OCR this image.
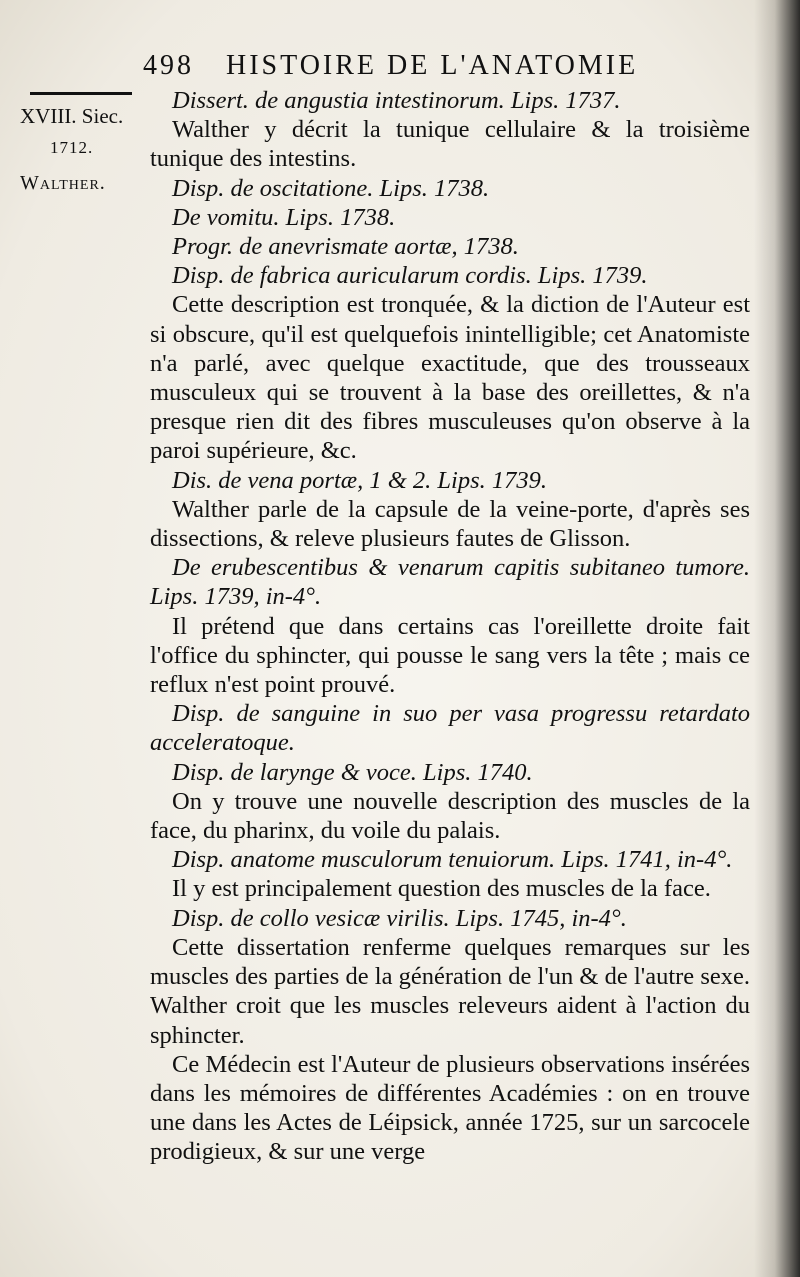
498 HISTOIRE DE L'ANATOMIE
XVIII. Siec.
1712.
Walther.

Dissert. de angustia intestinorum. Lips. 1737.

Walther y décrit la tunique cellulaire & la troisième tunique des intestins.

Disp. de oscitatione. Lips. 1738.

De vomitu. Lips. 1738.

Progr. de anevrismate aortæ, 1738.

Disp. de fabrica auricularum cordis. Lips. 1739.

Cette description est tronquée, & la diction de l'Auteur est si obscure, qu'il est quelquefois inintelligible; cet Anatomiste n'a parlé, avec quelque exactitude, que des trousseaux musculeux qui se trouvent à la base des oreillettes, & n'a presque rien dit des fibres musculeuses qu'on observe à la paroi supérieure, &c.

Dis. de vena portæ, 1 & 2. Lips. 1739.

Walther parle de la capsule de la veine-porte, d'après ses dissections, & releve plusieurs fautes de Glisson.

De erubescentibus & venarum capitis subitaneo tumore. Lips. 1739, in-4°.

Il prétend que dans certains cas l'oreillette droite fait l'office du sphincter, qui pousse le sang vers la tête ; mais ce reflux n'est point prouvé.

Disp. de sanguine in suo per vasa progressu retardato acceleratoque.

Disp. de larynge & voce. Lips. 1740.

On y trouve une nouvelle description des muscles de la face, du pharinx, du voile du palais.

Disp. anatome musculorum tenuiorum. Lips. 1741, in-4°.

Il y est principalement question des muscles de la face.

Disp. de collo vesicæ virilis. Lips. 1745, in-4°.

Cette dissertation renferme quelques remarques sur les muscles des parties de la génération de l'un & de l'autre sexe. Walther croit que les muscles releveurs aident à l'action du sphincter.

Ce Médecin est l'Auteur de plusieurs observations insérées dans les mémoires de différentes Académies : on en trouve une dans les Actes de Léipsick, année 1725, sur un sarcocele prodigieux, & sur une verge
